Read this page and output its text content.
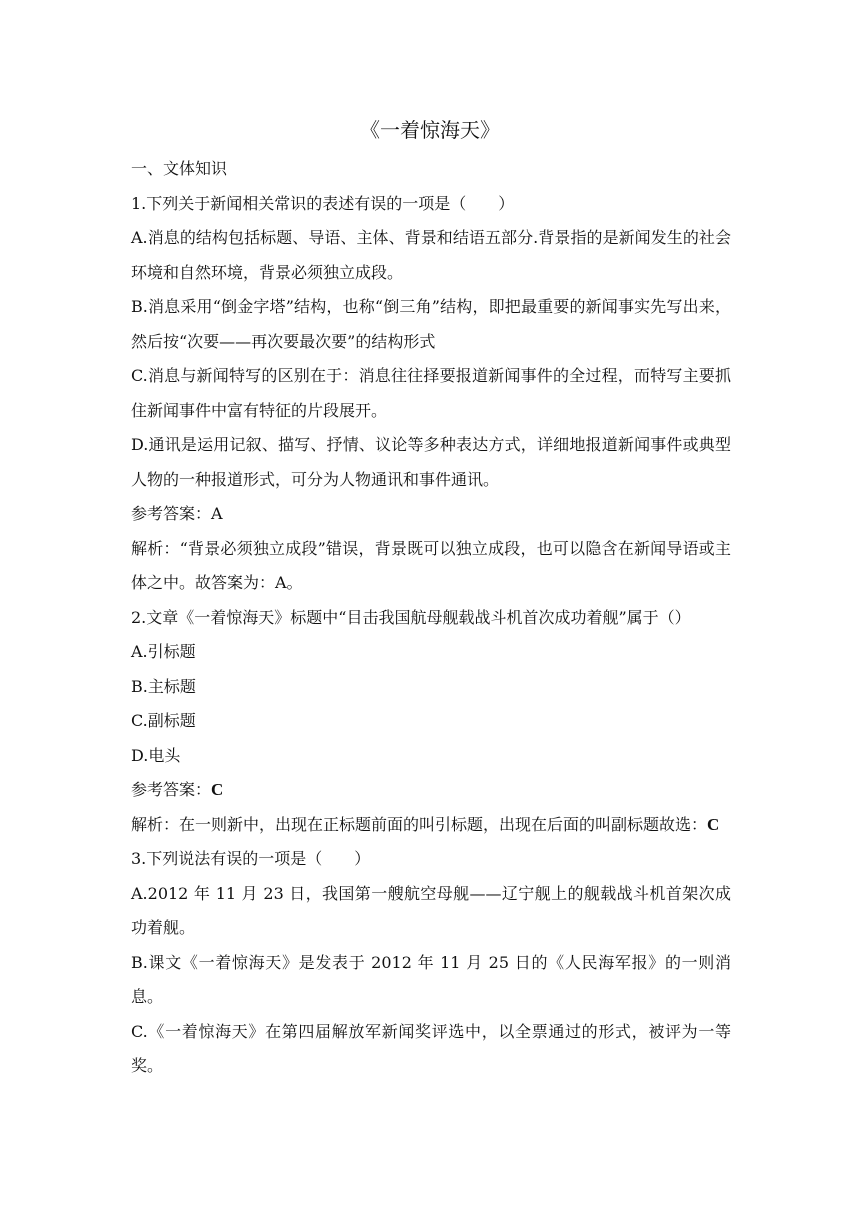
《一着惊海天》

一、文体知识

1.下列关于新闻相关常识的表述有误的一项是（　　）

A.消息的结构包括标题、导语、主体、背景和结语五部分.背景指的是新闻发生的社会环境和自然环境，背景必须独立成段。

B.消息采用“倒金字塔”结构，也称“倒三角”结构，即把最重要的新闻事实先写出来，然后按“次要——再次要最次要”的结构形式

C.消息与新闻特写的区别在于：消息往往择要报道新闻事件的全过程，而特写主要抓住新闻事件中富有特征的片段展开。

D.通讯是运用记叙、描写、抒情、议论等多种表达方式，详细地报道新闻事件或典型人物的一种报道形式，可分为人物通讯和事件通讯。

参考答案：A

解析：“背景必须独立成段”错误，背景既可以独立成段，也可以隐含在新闻导语或主体之中。故答案为：A。

2.文章《一着惊海天》标题中“目击我国航母舰载战斗机首次成功着舰”属于（）

A.引标题

B.主标题

C.副标题

D.电头

参考答案：C

解析：在一则新中，出现在正标题前面的叫引标题，出现在后面的叫副标题故选：C

3.下列说法有误的一项是（　　）

A.2012 年 11 月 23 日，我国第一艘航空母舰——辽宁舰上的舰载战斗机首架次成功着舰。

B.课文《一着惊海天》是发表于 2012 年 11 月 25 日的《人民海军报》的一则消息。

C.《一着惊海天》在第四届解放军新闻奖评选中，以全票通过的形式，被评为一等奖。
